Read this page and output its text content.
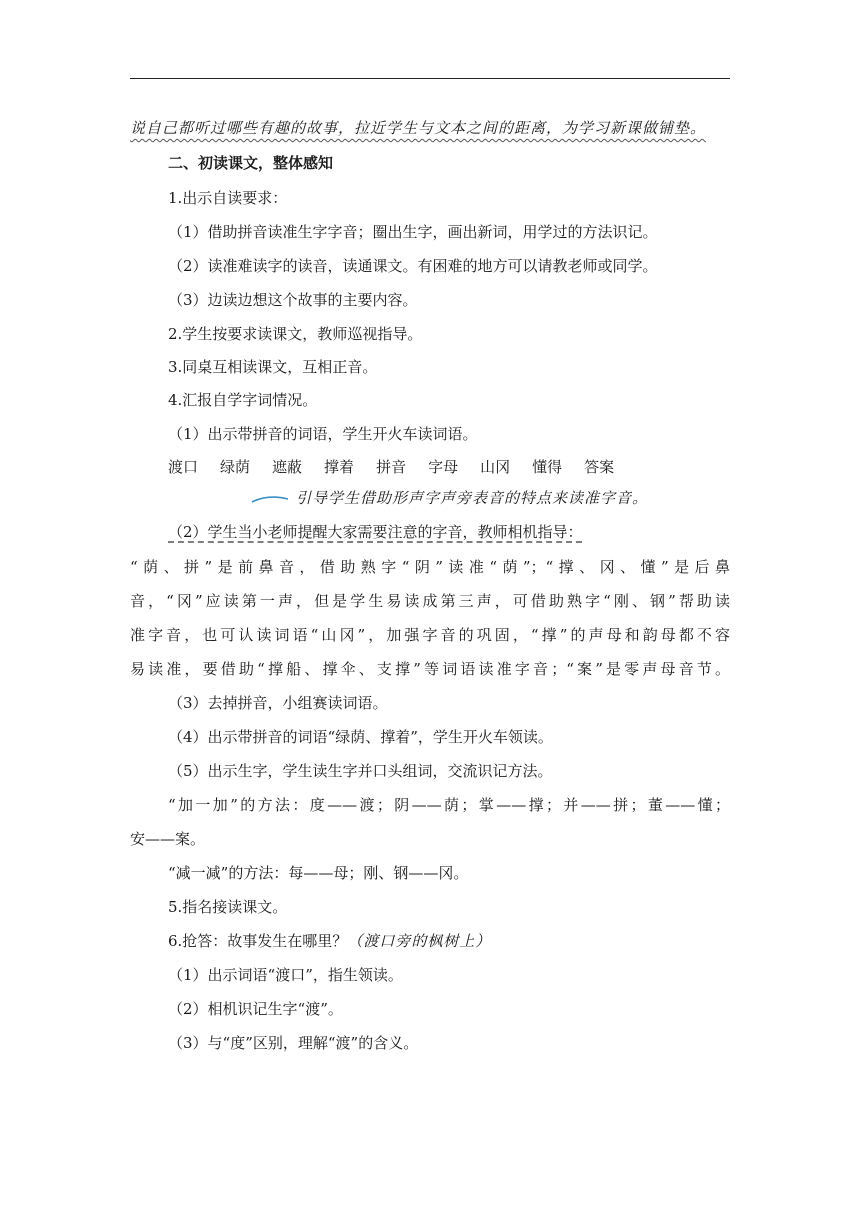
说自己都听过哪些有趣的故事，拉近学生与文本之间的距离，为学习新课做铺垫。
二、初读课文，整体感知
1.出示自读要求：
（1）借助拼音读准生字字音；圈出生字，画出新词，用学过的方法识记。
（2）读准难读字的读音，读通课文。有困难的地方可以请教老师或同学。
（3）边读边想这个故事的主要内容。
2.学生按要求读课文，教师巡视指导。
3.同桌互相读课文，互相正音。
4.汇报自学字词情况。
（1）出示带拼音的词语，学生开火车读词语。
渡口 绿荫 遮蔽 撑着 拼音 字母 山冈 懂得 答案
引导学生借助形声字声旁表音的特点来读准字音。
（2）学生当小老师提醒大家需要注意的字音，教师相机指导：
“荫、拼”是前鼻音，借助熟字“阴”读准“荫”；“撑、冈、懂”是后鼻
音，“冈”应读第一声，但是学生易读成第三声，可借助熟字“刚、钢”帮助读
准字音，也可认读词语“山冈”，加强字音的巩固，“撑”的声母和韵母都不容
易读准，要借助“撑船、撑伞、支撑”等词语读准字音；“案”是零声母音节。
（3）去掉拼音，小组赛读词语。
（4）出示带拼音的词语“绿荫、撑着”，学生开火车领读。
（5）出示生字，学生读生字并口头组词，交流识记方法。
“加一加”的方法：度——渡；阴——荫；掌——撑；并——拼；董——懂；
安——案。
“减一减”的方法：每——母；刚、钢——冈。
5.指名接读课文。
6.抢答：故事发生在哪里？（渡口旁的枫树上）
（1）出示词语“渡口”，指生领读。
（2）相机识记生字“渡”。
（3）与“度”区别，理解“渡”的含义。
